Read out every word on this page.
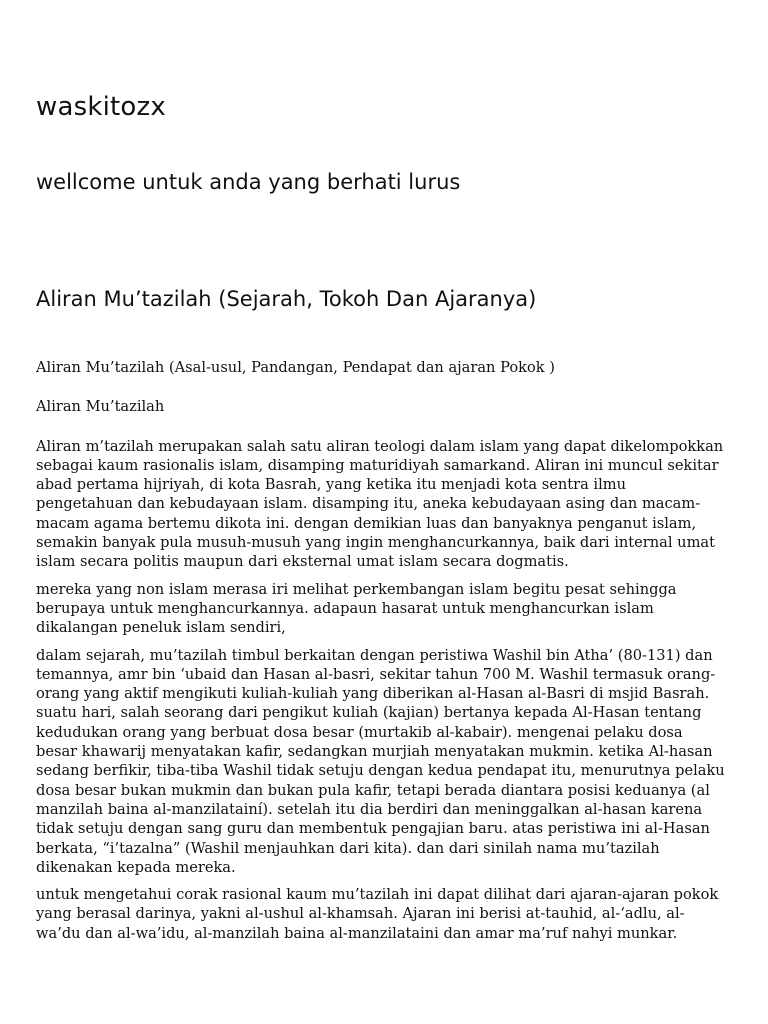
waskitozx
wellcome untuk anda yang berhati lurus
Aliran Mu’tazilah (Sejarah, Tokoh Dan Ajaranya)

Aliran Mu’tazilah (Asal-usul, Pandangan, Pendapat dan ajaran Pokok )

Aliran Mu’tazilah

Aliran m’tazilah merupakan salah satu aliran teologi dalam islam yang dapat dikelompokkan sebagai kaum rasionalis islam, disamping maturidiyah samarkand. Aliran ini muncul sekitar abad pertama hijriyah, di kota Basrah, yang ketika itu menjadi kota sentra ilmu pengetahuan dan kebudayaan islam. disamping itu, aneka kebudayaan asing dan macam-macam agama bertemu dikota ini. dengan demikian luas dan banyaknya penganut islam, semakin banyak pula musuh-musuh yang ingin menghancurkannya, baik dari internal umat islam secara politis maupun dari eksternal umat islam secara dogmatis.

mereka yang non islam merasa iri melihat perkembangan islam begitu pesat sehingga berupaya untuk menghancurkannya. adapaun hasarat untuk menghancurkan islam dikalangan peneluk islam sendiri,

dalam sejarah, mu’tazilah timbul berkaitan dengan peristiwa Washil bin Atha’ (80-131) dan temannya, amr bin ‘ubaid dan Hasan al-basri, sekitar tahun 700 M. Washil termasuk orang-orang yang aktif mengikuti kuliah-kuliah yang diberikan al-Hasan al-Basri di msjid Basrah. suatu hari, salah seorang dari pengikut kuliah (kajian) bertanya kepada Al-Hasan tentang kedudukan orang yang berbuat dosa besar (murtakib al-kabair). mengenai pelaku dosa besar khawarij menyatakan kafir, sedangkan murjiah menyatakan mukmin. ketika Al-hasan sedang berfikir, tiba-tiba Washil tidak setuju dengan kedua pendapat itu, menurutnya pelaku dosa besar bukan mukmin dan bukan pula kafir, tetapi berada diantara posisi keduanya (al manzilah baina al-manzilatainí). setelah itu dia berdiri dan meninggalkan al-hasan karena tidak setuju dengan sang guru dan membentuk pengajian baru. atas peristiwa ini al-Hasan berkata, “i’tazalna” (Washil menjauhkan dari kita). dan dari sinilah nama mu’tazilah dikenakan kepada mereka.

untuk mengetahui corak rasional kaum mu’tazilah ini dapat dilihat dari ajaran-ajaran pokok yang berasal darinya, yakni al-ushul al-khamsah. Ajaran ini berisi at-tauhid, al-‘adlu, al-wa’du dan al-wa’idu, al-manzilah baina al-manzilataini dan amar ma’ruf nahyi munkar.
